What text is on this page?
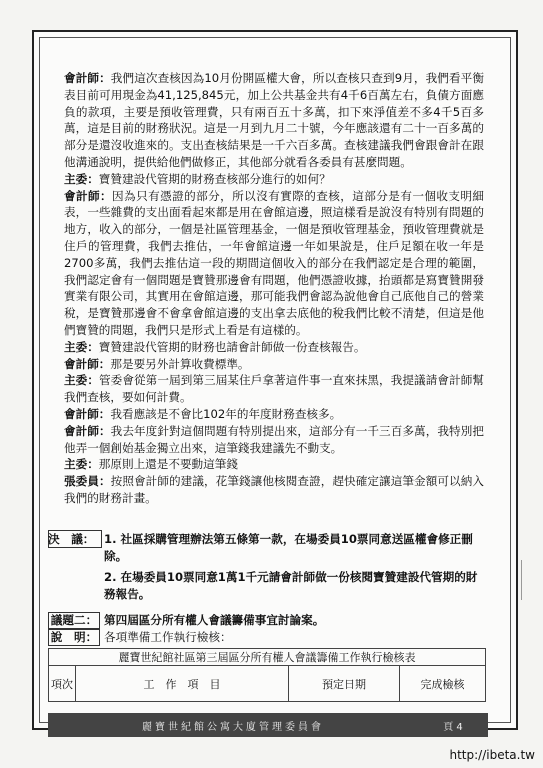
會計師：我們這次查核因為10月份開區權大會，所以查核只查到9月，我們看平衡表目前可用現金為41,125,845元，加上公共基金共有4千6百萬左右，負債方面應負的款項，主要是預收管理費，只有兩百五十多萬，扣下來淨值差不多4千5百多萬，這是目前的財務狀況。這是一月到九月二十號，今年應該還有二十一百多萬的部分是還沒收進來的。支出查核結果是一千六百多萬。查核建議我們會跟會計在跟他溝通說明，提供給他們做修正，其他部分就看各委員有甚麼問題。

主委：寶贊建設代管期的財務查核部分進行的如何？

會計師：因為只有憑證的部分，所以沒有實際的查核，這部分是有一個收支明細表，一些雜費的支出面看起來都是用在會館這邊，照這樣看是說沒有特別有問題的地方，收入的部分，一個是社區管理基金，一個是預收管理基金，預收管理費就是住戶的管理費，我們去推估，一年會館這邊一年如果說是，住戶足額在收一年是2700多萬，我們去推估這一段的期間這個收入的部分在我們認定是合理的範圍，我們認定會有一個問題是寶贊那邊會有問題，他們憑證收據，抬頭都是寫寶贊開發實業有限公司，其實用在會館這邊，那可能我們會認為說他會自己底他自己的營業稅，是寶贊那邊會不會拿會館這邊的支出拿去底他的稅我們比較不清楚，但這是他們寶贊的問題，我們只是形式上看是有這樣的。

主委：寶贊建設代管期的財務也請會計師做一份查核報告。

會計師：那是要另外計算收費標準。

主委：管委會從第一屆到第三屆某住戶拿著這件事一直來抹黑，我提議請會計師幫我們查核，要如何計費。

會計師：我看應該是不會比102年的年度財務查核多。

會計師：我去年度針對這個問題有特別提出來，這部分有一千三百多萬，我特別把他弄一個創始基金獨立出來，這筆錢我建議先不動支。

主委：那原則上還是不要動這筆錢

張委員：按照會計師的建議，花筆錢讓他核閱查證，趕快確定讓這筆金額可以納入我們的財務計畫。

決　議： 1. 社區採購管理辦法第五條第一款，在場委員10票同意送區權會修正刪除。

2. 在場委員10票同意1萬1千元請會計師做一份核閱寶贊建設代管期的財務報告。

議題二： 第四屆區分所有權人會議籌備事宜討論案。
說　明： 各項準備工作執行檢核：
麗寶世紀館社區第三屆區分所有權人會議籌備工作執行檢核表
項次	工　作　項　目	預定日期	完成檢核
麗寶世紀館公寓大廈管理委員會	頁 4
http://ibeta.tw
